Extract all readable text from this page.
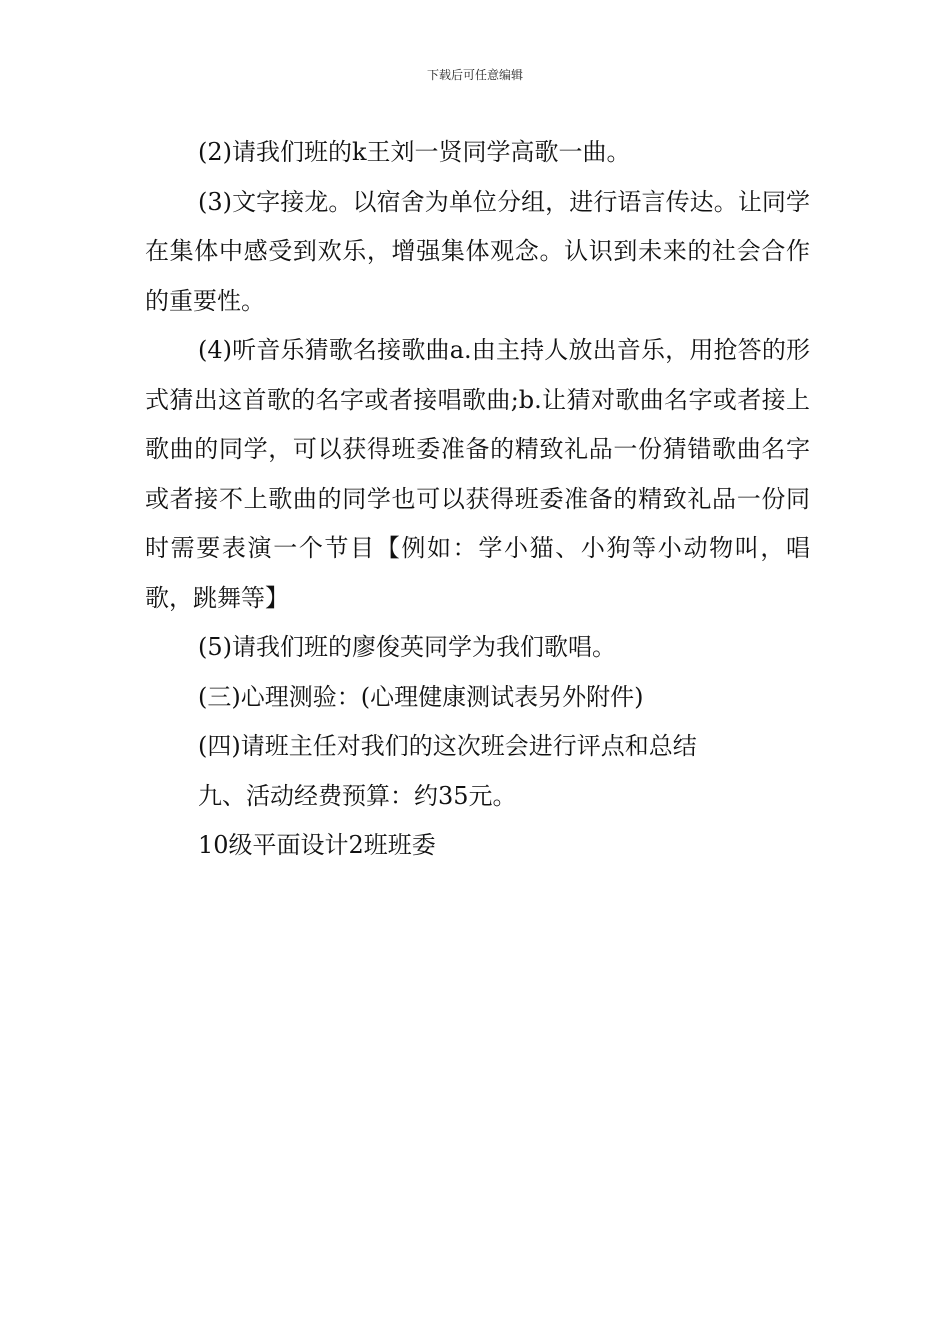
下载后可任意编辑

(2)请我们班的k王刘一贤同学高歌一曲。

(3)文字接龙。以宿舍为单位分组，进行语言传达。让同学在集体中感受到欢乐，增强集体观念。认识到未来的社会合作的重要性。

(4)听音乐猜歌名接歌曲a.由主持人放出音乐，用抢答的形式猜出这首歌的名字或者接唱歌曲;b.让猜对歌曲名字或者接上歌曲的同学，可以获得班委准备的精致礼品一份猜错歌曲名字或者接不上歌曲的同学也可以获得班委准备的精致礼品一份同时需要表演一个节目【例如：学小猫、小狗等小动物叫，唱歌，跳舞等】

(5)请我们班的廖俊英同学为我们歌唱。

(三)心理测验：(心理健康测试表另外附件)

(四)请班主任对我们的这次班会进行评点和总结

九、活动经费预算：约35元。

10级平面设计2班班委
